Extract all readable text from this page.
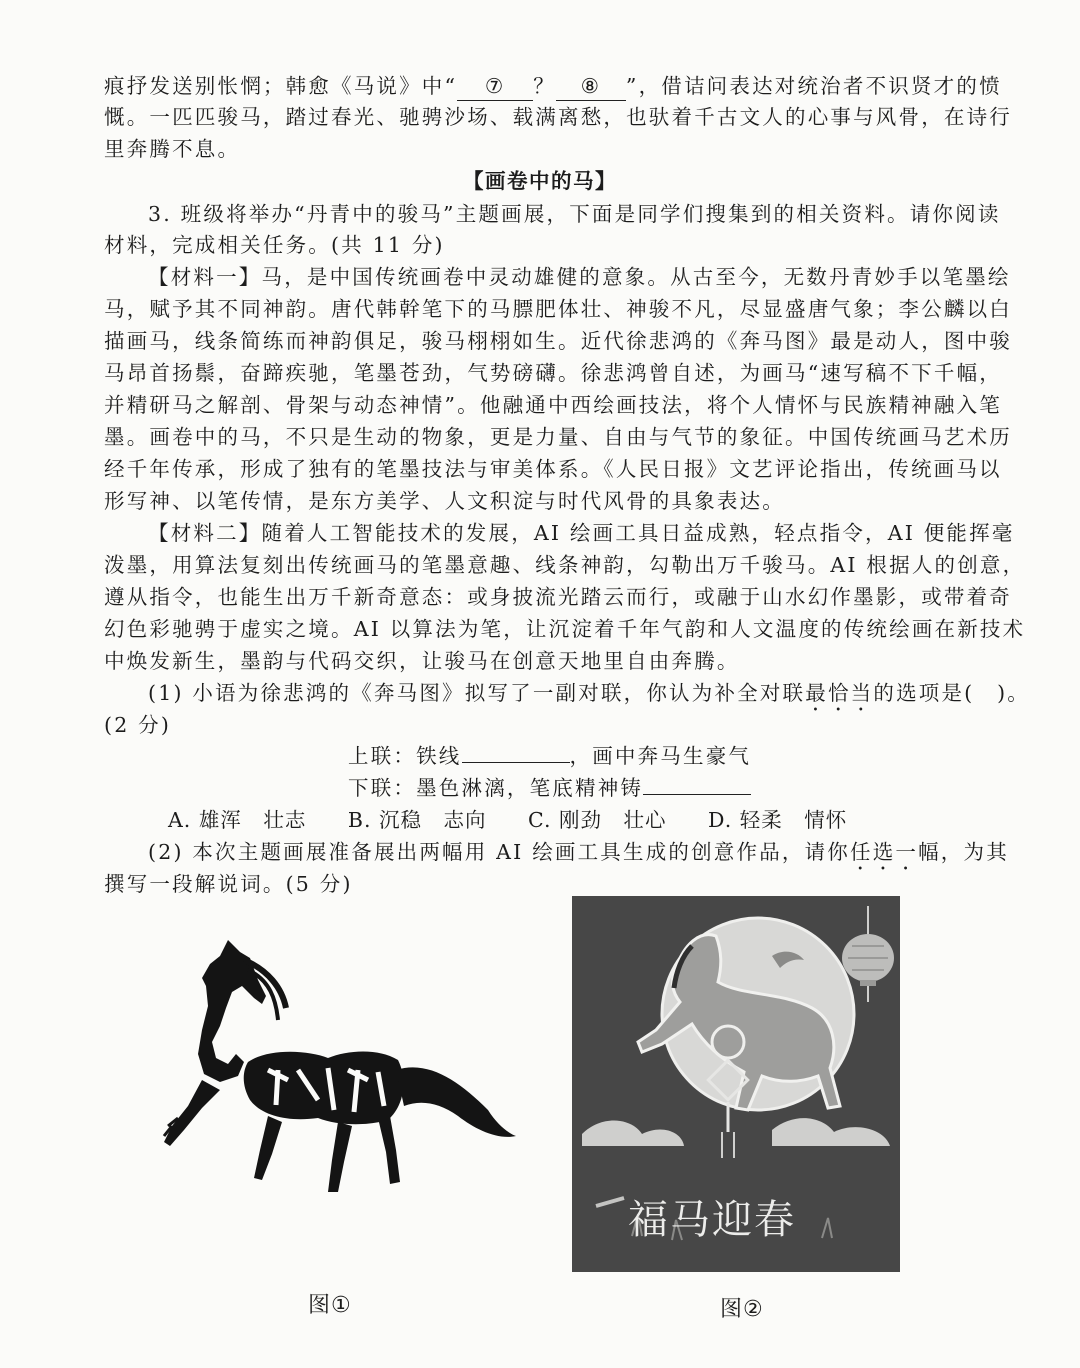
痕抒发送别怅惘；韩愈《马说》中“ ⑦ ？ ⑧ ”，借诘问表达对统治者不识贤才的愤
慨。一匹匹骏马，踏过春光、驰骋沙场、载满离愁，也驮着千古文人的心事与风骨，在诗行
里奔腾不息。
【画卷中的马】
3. 班级将举办“丹青中的骏马”主题画展，下面是同学们搜集到的相关资料。请你阅读
材料，完成相关任务。(共 11 分)
【材料一】马，是中国传统画卷中灵动雄健的意象。从古至今，无数丹青妙手以笔墨绘
马，赋予其不同神韵。唐代韩幹笔下的马膘肥体壮、神骏不凡，尽显盛唐气象；李公麟以白
描画马，线条简练而神韵俱足，骏马栩栩如生。近代徐悲鸿的《奔马图》最是动人，图中骏
马昂首扬鬃，奋蹄疾驰，笔墨苍劲，气势磅礴。徐悲鸿曾自述，为画马“速写稿不下千幅，
并精研马之解剖、骨架与动态神情”。他融通中西绘画技法，将个人情怀与民族精神融入笔
墨。画卷中的马，不只是生动的物象，更是力量、自由与气节的象征。中国传统画马艺术历
经千年传承，形成了独有的笔墨技法与审美体系。《人民日报》文艺评论指出，传统画马以
形写神、以笔传情，是东方美学、人文积淀与时代风骨的具象表达。
【材料二】随着人工智能技术的发展，AI 绘画工具日益成熟，轻点指令，AI 便能挥毫
泼墨，用算法复刻出传统画马的笔墨意趣、线条神韵，勾勒出万千骏马。AI 根据人的创意，
遵从指令，也能生出万千新奇意态：或身披流光踏云而行，或融于山水幻作墨影，或带着奇
幻色彩驰骋于虚实之境。AI 以算法为笔，让沉淀着千年气韵和人文温度的传统绘画在新技术
中焕发新生，墨韵与代码交织，让骏马在创意天地里自由奔腾。
(1) 小语为徐悲鸿的《奔马图》拟写了一副对联，你认为补全对联最恰当的选项是(　)。
(2 分)
上联：铁线	，画中奔马生豪气
下联：墨色淋漓，笔底精神铸
A. 雄浑　壮志 B. 沉稳　志向 C. 刚劲　壮心 D. 轻柔　情怀
(2) 本次主题画展准备展出两幅用 AI 绘画工具生成的创意作品，请你任选一幅，为其
撰写一段解说词。(5 分)
图①
福马迎春
图②
